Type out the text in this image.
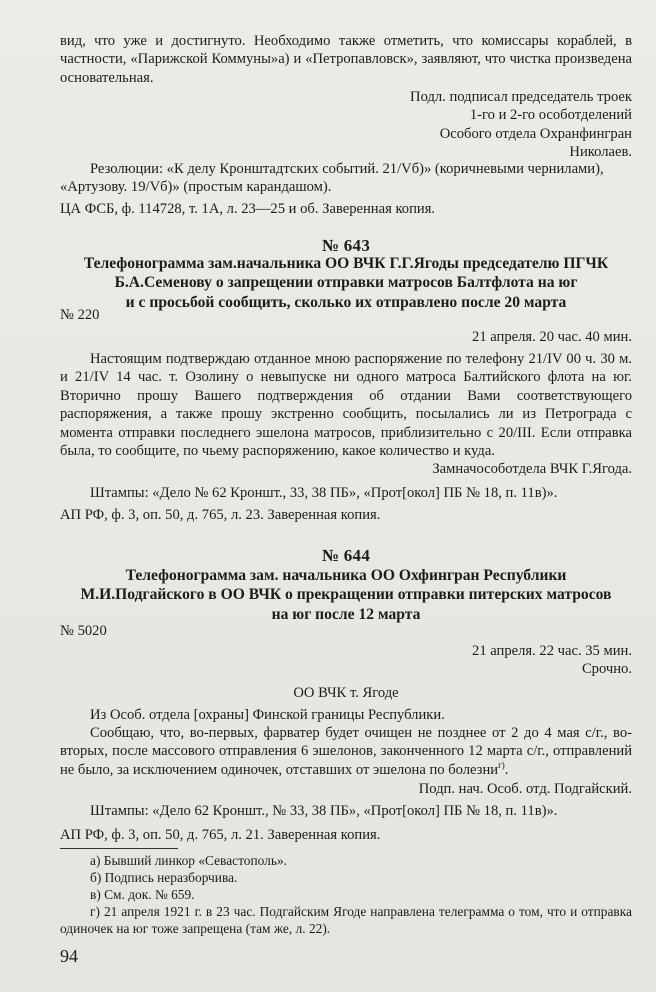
вид, что уже и достигнуто. Необходимо также отметить, что комиссары кораблей, в частности, «Парижской Коммуны»а) и «Петропавловск», заявляют, что чистка произведена основательная.

Подл. подписал председатель троек
1-го и 2-го особотделений
Особого отдела Охранфингран
Николаев.
Резолюции: «К делу Кронштадтских событий. 21/Vб)» (коричневыми чернилами),
«Артузову. 19/Vб)» (простым карандашом).

ЦА ФСБ, ф. 114728, т. 1А, л. 23—25 и об. Заверенная копия.

№ 643
Телефонограмма зам.начальника ОО ВЧК Г.Г.Ягоды председателю ПГЧК
Б.А.Семенову о запрещении отправки матросов Балтфлота на юг
и с просьбой сообщить, сколько их отправлено после 20 марта

№ 220

21 апреля. 20 час. 40 мин.

Настоящим подтверждаю отданное мною распоряжение по телефону 21/IV 00 ч. 30 м. и 21/IV 14 час. т. Озолину о невыпуске ни одного матроса Балтийского флота на юг. Вторично прошу Вашего подтверждения об отдании Вами соответствующего распоряжения, а также прошу экстренно сообщить, посылались ли из Петрограда с момента отправки последнего эшелона матросов, приблизительно с 20/III. Если отправка была, то сообщите, по чьему распоряжению, какое количество и куда.

Замначособотдела ВЧК Г.Ягода.

Штампы: «Дело № 62 Кроншт., 33, 38 ПБ», «Прот[окол] ПБ № 18, п. 11в)».

АП РФ, ф. 3, оп. 50, д. 765, л. 23. Заверенная копия.

№ 644
Телефонограмма зам. начальника ОО Охфингран Республики
М.И.Подгайского в ОО ВЧК о прекращении отправки питерских матросов
на юг после 12 марта

№ 5020

21 апреля. 22 час. 35 мин.
Срочно.

ОО ВЧК т. Ягоде

Из Особ. отдела [охраны] Финской границы Республики.

Сообщаю, что, во-первых, фарватер будет очищен не позднее от 2 до 4 мая с/г., во-вторых, после массового отправления 6 эшелонов, законченного 12 марта с/г., отправлений не было, за исключением одиночек, отставших от эшелона по болезни$^{г)}$.

Подп. нач. Особ. отд. Подгайский.

Штампы: «Дело 62 Кроншт., № 33, 38 ПБ», «Прот[окол] ПБ № 18, п. 11в)».

АП РФ, ф. 3, оп. 50, д. 765, л. 21. Заверенная копия.

а) Бывший линкор «Севастополь».
б) Подпись неразборчива.
в) См. док. № 659.
г) 21 апреля 1921 г. в 23 час. Подгайским Ягоде направлена телеграмма о том, что и отправка одиночек на юг тоже запрещена (там же, л. 22).
94
